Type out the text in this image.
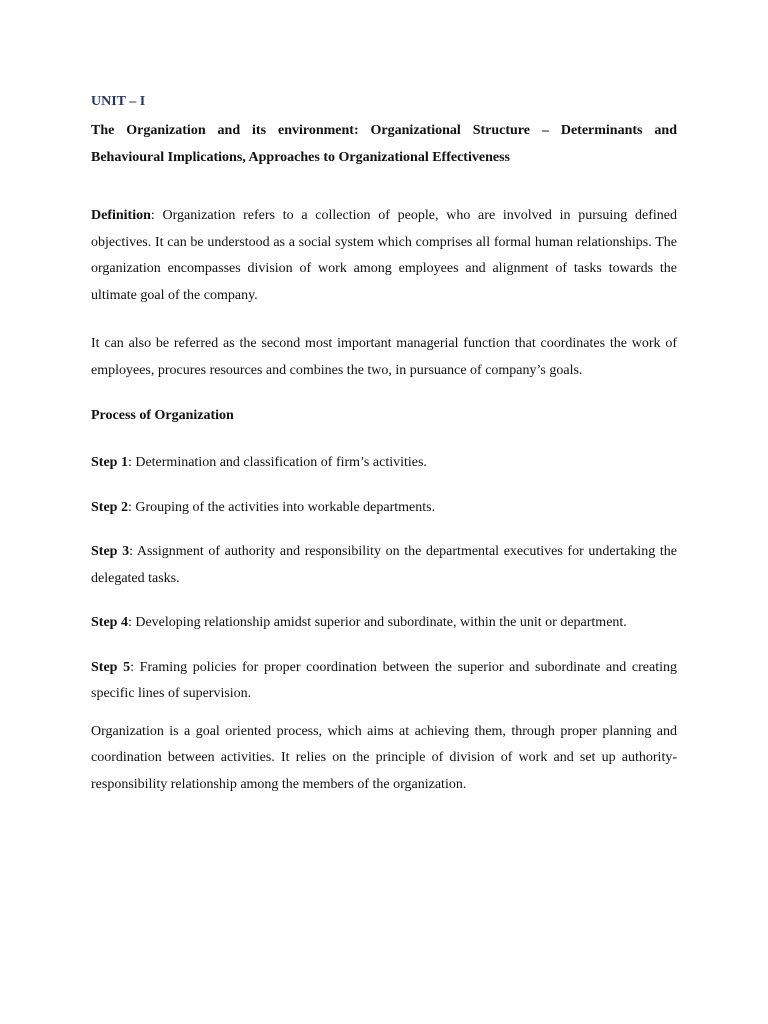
UNIT – I
The Organization and its environment: Organizational Structure – Determinants and Behavioural Implications, Approaches to Organizational Effectiveness

Definition: Organization refers to a collection of people, who are involved in pursuing defined objectives. It can be understood as a social system which comprises all formal human relationships. The organization encompasses division of work among employees and alignment of tasks towards the ultimate goal of the company.

It can also be referred as the second most important managerial function that coordinates the work of employees, procures resources and combines the two, in pursuance of company’s goals.

Process of Organization

Step 1: Determination and classification of firm’s activities.

Step 2: Grouping of the activities into workable departments.

Step 3: Assignment of authority and responsibility on the departmental executives for undertaking the delegated tasks.

Step 4: Developing relationship amidst superior and subordinate, within the unit or department.

Step 5: Framing policies for proper coordination between the superior and subordinate and creating specific lines of supervision.

Organization is a goal oriented process, which aims at achieving them, through proper planning and coordination between activities. It relies on the principle of division of work and set up authority-responsibility relationship among the members of the organization.
